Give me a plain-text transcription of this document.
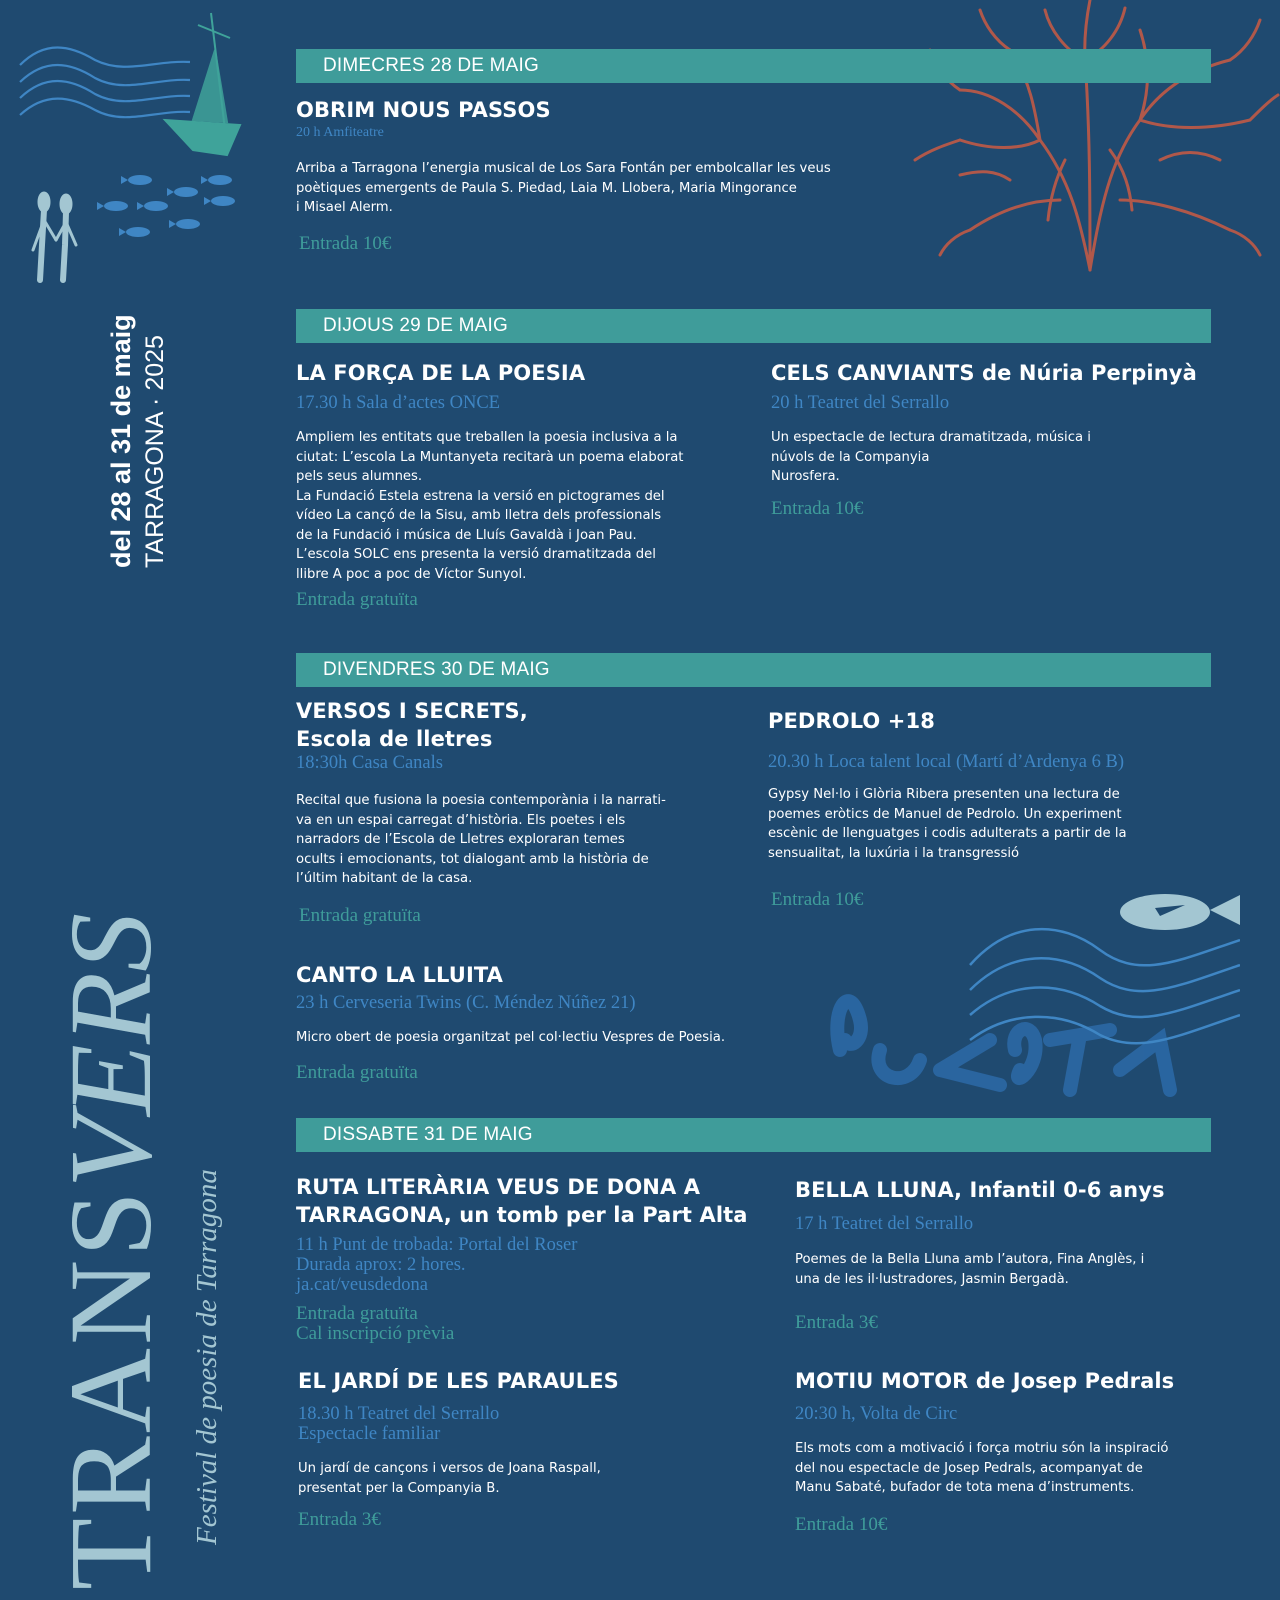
TRANSVERS
Festival de poesia de Tarragona
del 28 al 31 de maig TARRAGONA · 2025
DIMECRES 28 DE MAIG
OBRIM NOUS PASSOS
20 h Amfiteatre
Arriba a Tarragona l’energia musical de Los Sara Fontán per embolcallar les veus
poètiques emergents de Paula S. Piedad, Laia M. Llobera, Maria Mingorance
i Misael Alerm.
Entrada 10€
DIJOUS 29 DE MAIG
LA FORÇA DE LA POESIA
17.30 h Sala d’actes ONCE
Ampliem les entitats que treballen la poesia inclusiva a la
ciutat: L’escola La Muntanyeta recitarà un poema elaborat
pels seus alumnes.
La Fundació Estela estrena la versió en pictogrames del
vídeo La cançó de la Sisu, amb lletra dels professionals
de la Fundació i música de Lluís Gavaldà i Joan Pau.
L’escola SOLC ens presenta la versió dramatitzada del
llibre A poc a poc de Víctor Sunyol.
Entrada gratuïta
CELS CANVIANTS de Núria Perpinyà
20 h Teatret del Serrallo
Un espectacle de lectura dramatitzada, música i
núvols de la Companyia
Nurosfera.
Entrada 10€
DIVENDRES 30 DE MAIG
VERSOS I SECRETS,
Escola de lletres
18:30h Casa Canals
Recital que fusiona la poesia contemporània i la narrati-
va en un espai carregat d’història. Els poetes i els
narradors de l’Escola de Lletres exploraran temes
ocults i emocionants, tot dialogant amb la història de
l’últim habitant de la casa.
Entrada gratuïta
PEDROLO +18
20.30 h Loca talent local (Martí d’Ardenya 6 B)
Gypsy Nel·lo i Glòria Ribera presenten una lectura de
poemes eròtics de Manuel de Pedrolo. Un experiment
escènic de llenguatges i codis adulterats a partir de la
sensualitat, la luxúria i la transgressió
Entrada 10€
CANTO LA LLUITA
23 h Cerveseria Twins (C. Méndez Núñez 21)
Micro obert de poesia organitzat pel col·lectiu Vespres de Poesia.
Entrada gratuïta
DISSABTE 31 DE MAIG
RUTA LITERÀRIA VEUS DE DONA A
TARRAGONA, un tomb per la Part Alta
11 h Punt de trobada: Portal del Roser
Durada aprox: 2 hores.
ja.cat/veusdedona
Entrada gratuïta
Cal inscripció prèvia
BELLA LLUNA, Infantil 0-6 anys
17 h Teatret del Serrallo
Poemes de la Bella Lluna amb l’autora, Fina Anglès, i
una de les il·lustradores, Jasmin Bergadà.
Entrada 3€
EL JARDÍ DE LES PARAULES
18.30 h Teatret del Serrallo
Espectacle familiar
Un jardí de cançons i versos de Joana Raspall,
presentat per la Companyia B.
Entrada 3€
MOTIU MOTOR de Josep Pedrals
20:30 h, Volta de Circ
Els mots com a motivació i força motriu són la inspiració
del nou espectacle de Josep Pedrals, acompanyat de
Manu Sabaté, bufador de tota mena d’instruments.
Entrada 10€
